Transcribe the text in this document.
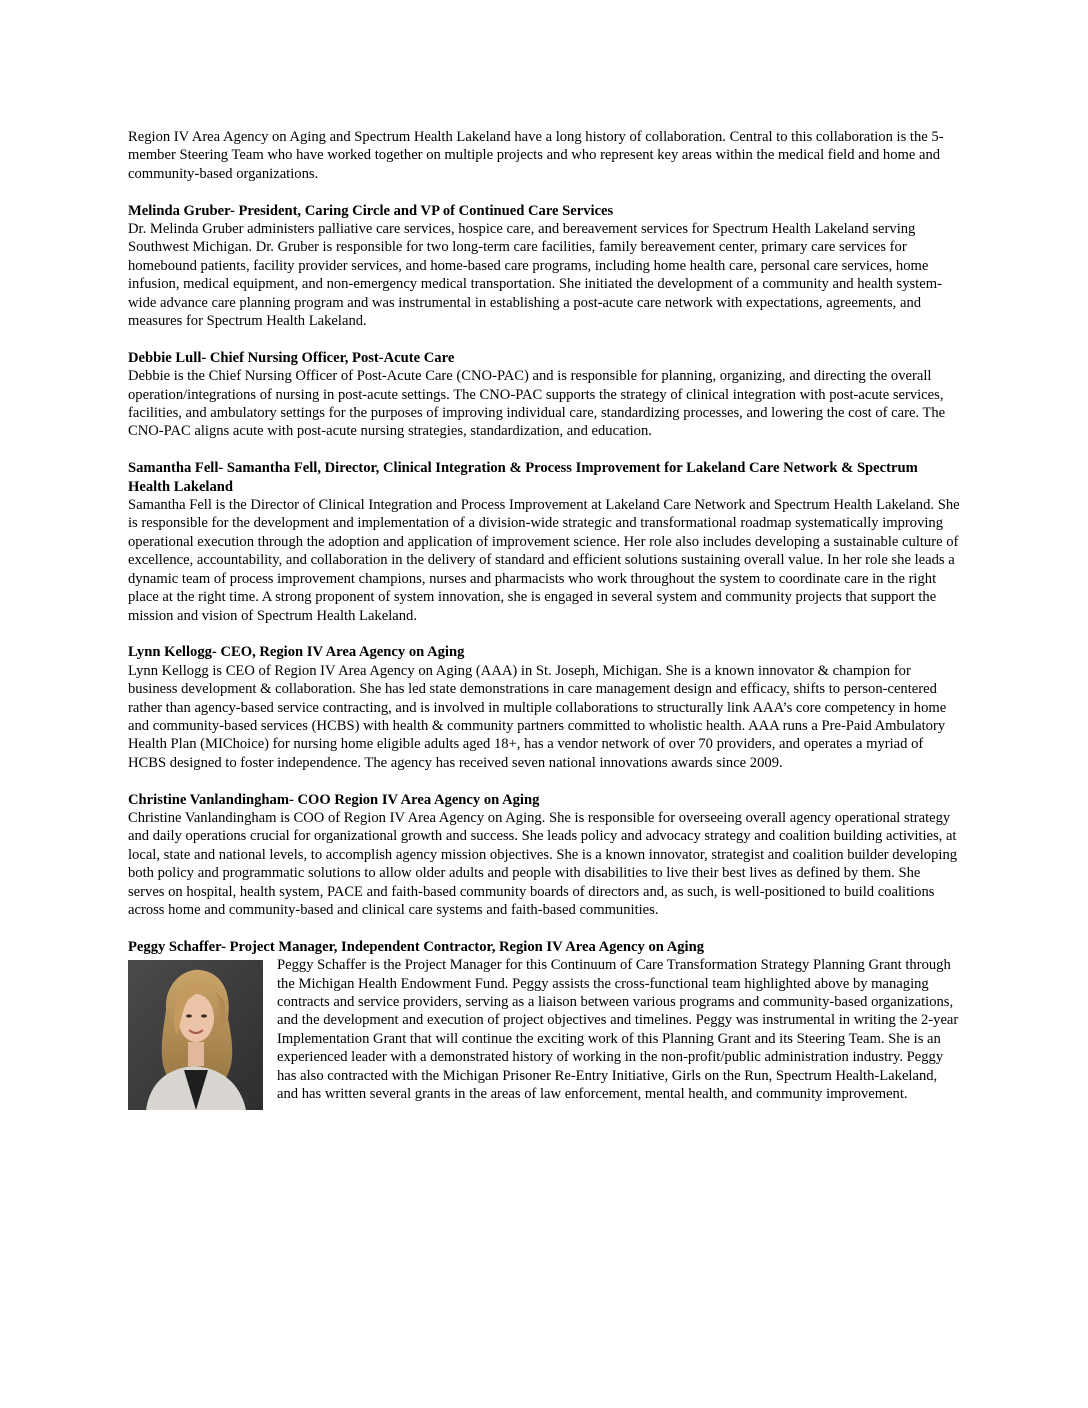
Region IV Area Agency on Aging and Spectrum Health Lakeland have a long history of collaboration. Central to this collaboration is the 5-member Steering Team who have worked together on multiple projects and who represent key areas within the medical field and home and community-based organizations.

Melinda Gruber- President, Caring Circle and VP of Continued Care Services

Dr. Melinda Gruber administers palliative care services, hospice care, and bereavement services for Spectrum Health Lakeland serving Southwest Michigan. Dr. Gruber is responsible for two long-term care facilities, family bereavement center, primary care services for homebound patients, facility provider services, and home-based care programs, including home health care, personal care services, home infusion, medical equipment, and non-emergency medical transportation. She initiated the development of a community and health system-wide advance care planning program and was instrumental in establishing a post-acute care network with expectations, agreements, and measures for Spectrum Health Lakeland.

Debbie Lull- Chief Nursing Officer, Post-Acute Care

Debbie is the Chief Nursing Officer of Post-Acute Care (CNO-PAC) and is responsible for planning, organizing, and directing the overall operation/integrations of nursing in post-acute settings. The CNO-PAC supports the strategy of clinical integration with post-acute services, facilities, and ambulatory settings for the purposes of improving individual care, standardizing processes, and lowering the cost of care. The CNO-PAC aligns acute with post-acute nursing strategies, standardization, and education.

Samantha Fell- Samantha Fell, Director, Clinical Integration & Process Improvement for Lakeland Care Network & Spectrum Health Lakeland

Samantha Fell is the Director of Clinical Integration and Process Improvement at Lakeland Care Network and Spectrum Health Lakeland. She is responsible for the development and implementation of a division-wide strategic and transformational roadmap systematically improving operational execution through the adoption and application of improvement science. Her role also includes developing a sustainable culture of excellence, accountability, and collaboration in the delivery of standard and efficient solutions sustaining overall value. In her role she leads a dynamic team of process improvement champions, nurses and pharmacists who work throughout the system to coordinate care in the right place at the right time. A strong proponent of system innovation, she is engaged in several system and community projects that support the mission and vision of Spectrum Health Lakeland.

Lynn Kellogg- CEO, Region IV Area Agency on Aging

Lynn Kellogg is CEO of Region IV Area Agency on Aging (AAA) in St. Joseph, Michigan. She is a known innovator & champion for business development & collaboration. She has led state demonstrations in care management design and efficacy, shifts to person-centered rather than agency-based service contracting, and is involved in multiple collaborations to structurally link AAA’s core competency in home and community-based services (HCBS) with health & community partners committed to wholistic health. AAA runs a Pre-Paid Ambulatory Health Plan (MIChoice) for nursing home eligible adults aged 18+, has a vendor network of over 70 providers, and operates a myriad of HCBS designed to foster independence. The agency has received seven national innovations awards since 2009.

Christine Vanlandingham- COO Region IV Area Agency on Aging

Christine Vanlandingham is COO of Region IV Area Agency on Aging. She is responsible for overseeing overall agency operational strategy and daily operations crucial for organizational growth and success. She leads policy and advocacy strategy and coalition building activities, at local, state and national levels, to accomplish agency mission objectives. She is a known innovator, strategist and coalition builder developing both policy and programmatic solutions to allow older adults and people with disabilities to live their best lives as defined by them. She serves on hospital, health system, PACE and faith-based community boards of directors and, as such, is well-positioned to build coalitions across home and community-based and clinical care systems and faith-based communities.

Peggy Schaffer- Project Manager, Independent Contractor, Region IV Area Agency on Aging

Peggy Schaffer is the Project Manager for this Continuum of Care Transformation Strategy Planning Grant through the Michigan Health Endowment Fund. Peggy assists the cross-functional team highlighted above by managing contracts and service providers, serving as a liaison between various programs and community-based organizations, and the development and execution of project objectives and timelines. Peggy was instrumental in writing the 2-year Implementation Grant that will continue the exciting work of this Planning Grant and its Steering Team. She is an experienced leader with a demonstrated history of working in the non-profit/public administration industry. Peggy has also contracted with the Michigan Prisoner Re-Entry Initiative, Girls on the Run, Spectrum Health-Lakeland, and has written several grants in the areas of law enforcement, mental health, and community improvement.
